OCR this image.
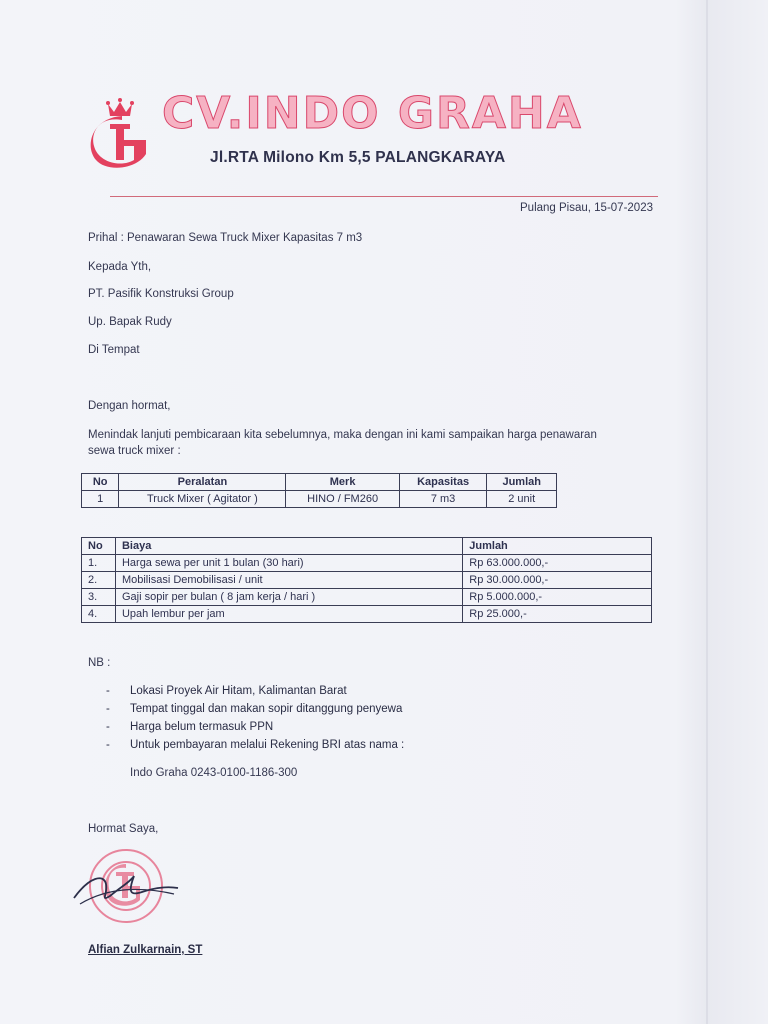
CV.INDO GRAHA
Jl.RTA Milono Km 5,5 PALANGKARAYA
Pulang Pisau, 15-07-2023
Prihal : Penawaran Sewa Truck Mixer Kapasitas 7 m3
Kepada Yth,
PT. Pasifik Konstruksi Group
Up. Bapak Rudy
Di Tempat
Dengan hormat,
Menindak lanjuti pembicaraan kita sebelumnya, maka dengan ini kami sampaikan harga penawaran
sewa truck mixer :
No	Peralatan	Merk	Kapasitas	Jumlah
1	Truck Mixer ( Agitator )	HINO / FM260	7 m3	2 unit
No	Biaya	Jumlah
1.	Harga sewa per unit 1 bulan (30 hari)	Rp 63.000.000,-
2.	Mobilisasi Demobilisasi / unit	Rp 30.000.000,-
3.	Gaji sopir per bulan ( 8 jam kerja / hari )	Rp 5.000.000,-
4.	Upah lembur per jam	Rp 25.000,-
NB :
- Lokasi Proyek Air Hitam, Kalimantan Barat
- Tempat tinggal dan makan sopir ditanggung penyewa
- Harga belum termasuk PPN
- Untuk pembayaran melalui Rekening BRI atas nama :
Indo Graha 0243-0100-1186-300
Hormat Saya,
Alfian Zulkarnain, ST
